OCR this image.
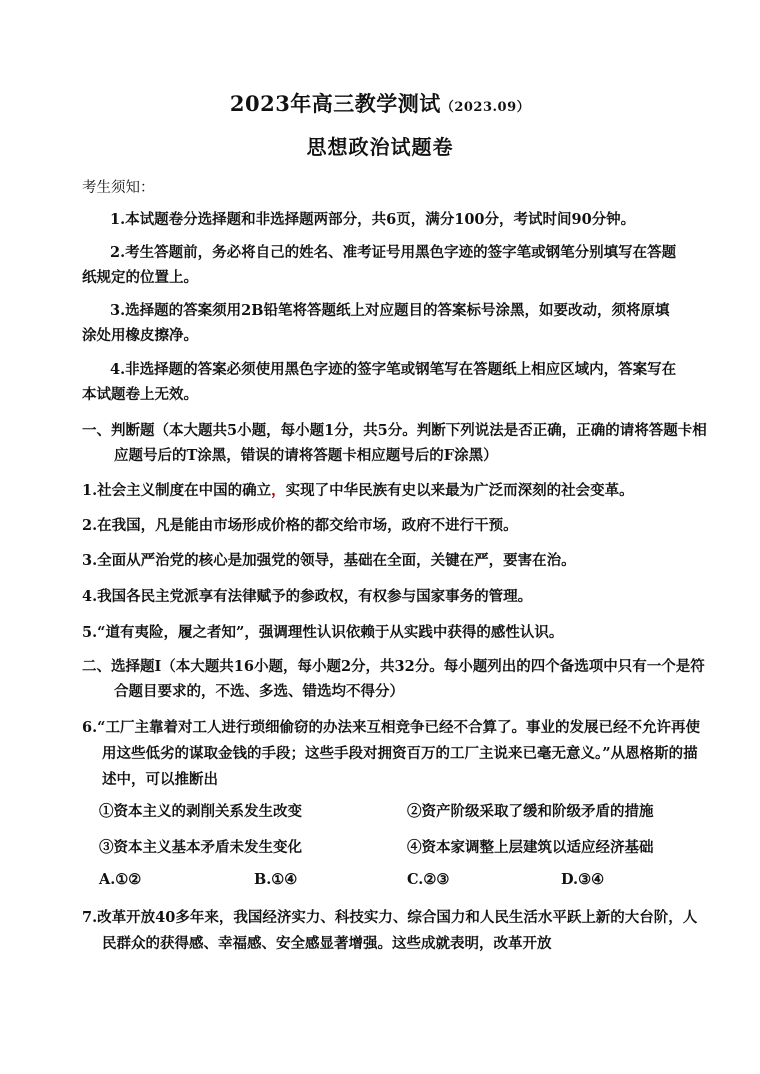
2023年高三教学测试（2023.09）
思想政治试题卷
考生须知：
1.本试题卷分选择题和非选择题两部分，共6页，满分100分，考试时间90分钟。
2.考生答题前，务必将自己的姓名、准考证号用黑色字迹的签字笔或钢笔分别填写在答题纸规定的位置上。
3.选择题的答案须用2B铅笔将答题纸上对应题目的答案标号涂黑，如要改动，须将原填涂处用橡皮擦净。
4.非选择题的答案必须使用黑色字迹的签字笔或钢笔写在答题纸上相应区域内，答案写在本试题卷上无效。
一、判断题（本大题共5小题，每小题1分，共5分。判断下列说法是否正确，正确的请将答题卡相应题号后的T涂黑，错误的请将答题卡相应题号后的F涂黑）
1.社会主义制度在中国的确立，实现了中华民族有史以来最为广泛而深刻的社会变革。
2.在我国，凡是能由市场形成价格的都交给市场，政府不进行干预。
3.全面从严治党的核心是加强党的领导，基础在全面，关键在严，要害在治。
4.我国各民主党派享有法律赋予的参政权，有权参与国家事务的管理。
5.“道有夷险，履之者知”，强调理性认识依赖于从实践中获得的感性认识。
二、选择题Ⅰ（本大题共16小题，每小题2分，共32分。每小题列出的四个备选项中只有一个是符合题目要求的，不选、多选、错选均不得分）
6.“工厂主靠着对工人进行琐细偷窃的办法来互相竞争已经不合算了。事业的发展已经不允许再使用这些低劣的谋取金钱的手段；这些手段对拥资百万的工厂主说来已毫无意义。”从恩格斯的描述中，可以推断出
①资本主义的剥削关系发生改变	②资产阶级采取了缓和阶级矛盾的措施
③资本主义基本矛盾未发生变化	④资本家调整上层建筑以适应经济基础
A.①②	B.①④	C.②③	D.③④
7.改革开放40多年来，我国经济实力、科技实力、综合国力和人民生活水平跃上新的大台阶，人民群众的获得感、幸福感、安全感显著增强。这些成就表明，改革开放
